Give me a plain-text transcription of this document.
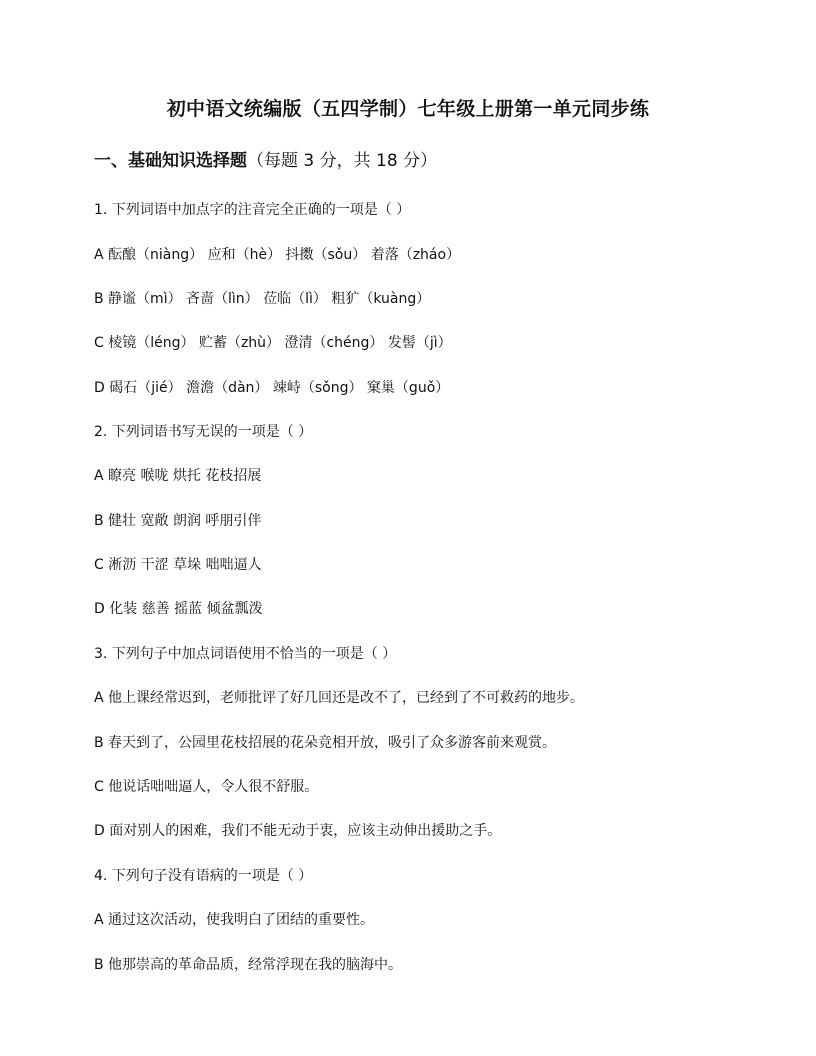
初中语文统编版（五四学制）七年级上册第一单元同步练
一、基础知识选择题（每题 3 分，共 18 分）
1. 下列词语中加点字的注音完全正确的一项是（ ）
A 酝酿（niàng） 应和（hè） 抖擞（sǒu） 着落（zháo）
B 静谧（mì） 吝啬（lìn） 莅临（lì） 粗犷（kuàng）
C 棱镜（léng） 贮蓄（zhù） 澄清（chéng） 发髻（jì）
D 碣石（jié） 澹澹（dàn） 竦峙（sǒng） 窠巢（guǒ）
2. 下列词语书写无误的一项是（ ）
A 瞭亮 喉咙 烘托 花枝招展
B 健壮 宽敞 朗润 呼朋引伴
C 淅沥 干涩 草垛 咄咄逼人
D 化装 慈善 摇蓝 倾盆瓢泼
3. 下列句子中加点词语使用不恰当的一项是（ ）
A 他上课经常迟到，老师批评了好几回还是改不了，已经到了不可救药的地步。
B 春天到了，公园里花枝招展的花朵竞相开放，吸引了众多游客前来观赏。
C 他说话咄咄逼人，令人很不舒服。
D 面对别人的困难，我们不能无动于衷，应该主动伸出援助之手。
4. 下列句子没有语病的一项是（ ）
A 通过这次活动，使我明白了团结的重要性。
B 他那崇高的革命品质，经常浮现在我的脑海中。
